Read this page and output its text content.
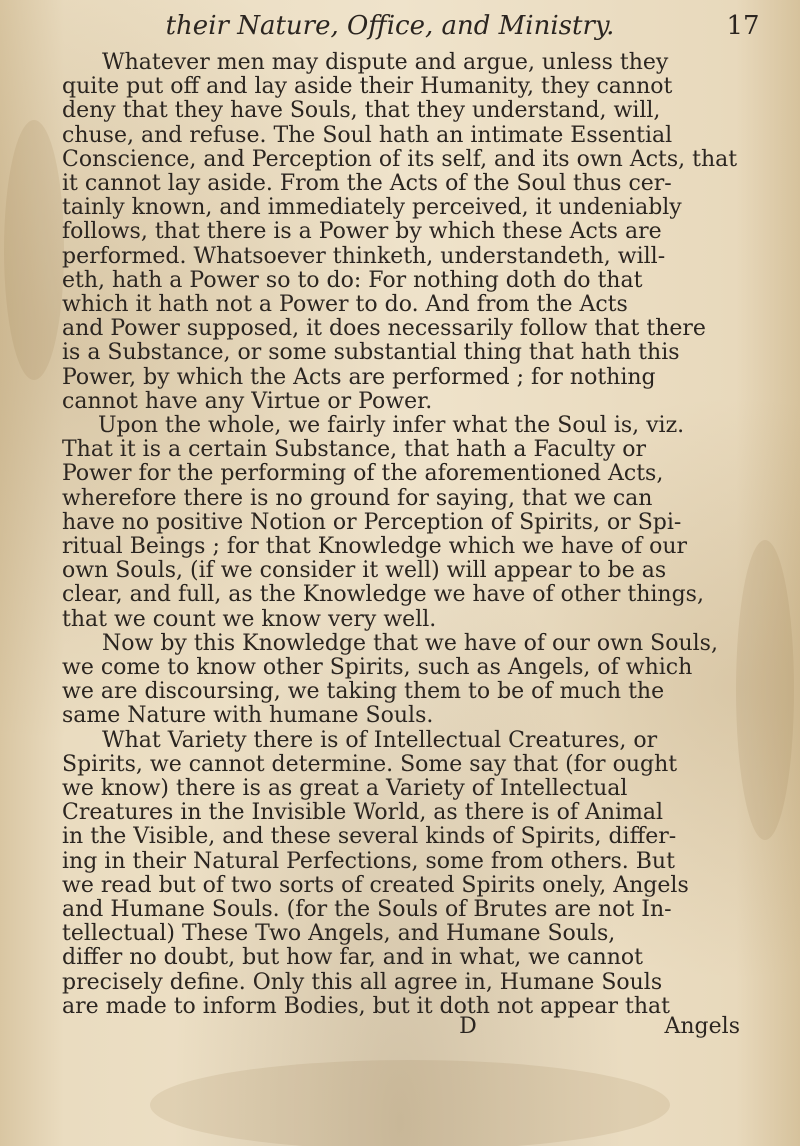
their Nature, Office, and Ministry.	17
Whatever men may dispute and argue, unless they
quite put off and lay aside their Humanity, they cannot
deny that they have Souls, that they understand, will,
chuse, and refuse. The Soul hath an intimate Essential
Conscience, and Perception of its self, and its own Acts, that
it cannot lay aside. From the Acts of the Soul thus cer-
tainly known, and immediately perceived, it undeniably
follows, that there is a Power by which these Acts are
performed. Whatsoever thinketh, understandeth, will-
eth, hath a Power so to do: For nothing doth do that
which it hath not a Power to do. And from the Acts
and Power supposed, it does necessarily follow that there
is a Substance, or some substantial thing that hath this
Power, by which the Acts are performed ; for nothing
cannot have any Virtue or Power.
Upon the whole, we fairly infer what the Soul is, viz.
That it is a certain Substance, that hath a Faculty or
Power for the performing of the aforementioned Acts,
wherefore there is no ground for saying, that we can
have no positive Notion or Perception of Spirits, or Spi-
ritual Beings ; for that Knowledge which we have of our
own Souls, (if we consider it well) will appear to be as
clear, and full, as the Knowledge we have of other things,
that we count we know very well.
Now by this Knowledge that we have of our own Souls,
we come to know other Spirits, such as Angels, of which
we are discoursing, we taking them to be of much the
same Nature with humane Souls.
What Variety there is of Intellectual Creatures, or
Spirits, we cannot determine. Some say that (for ought
we know) there is as great a Variety of Intellectual
Creatures in the Invisible World, as there is of Animal
in the Visible, and these several kinds of Spirits, differ-
ing in their Natural Perfections, some from others. But
we read but of two sorts of created Spirits onely, Angels
and Humane Souls. (for the Souls of Brutes are not In-
tellectual) These Two Angels, and Humane Souls,
differ no doubt, but how far, and in what, we cannot
precisely define. Only this all agree in, Humane Souls
are made to inform Bodies, but it doth not appear that
D	Angels
